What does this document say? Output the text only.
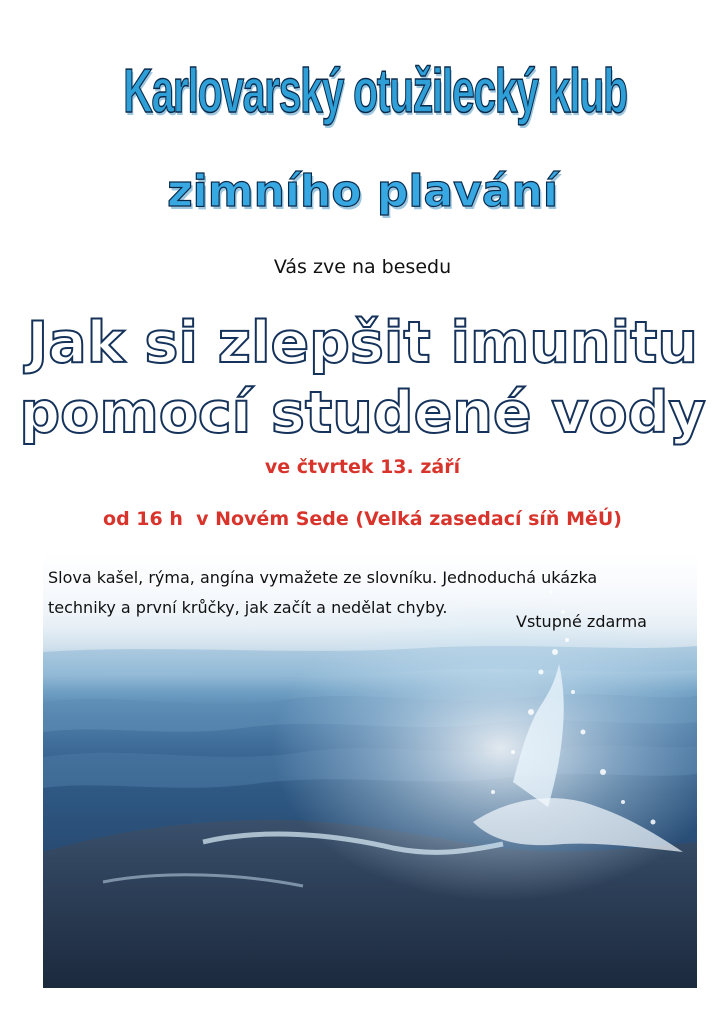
Karlovarský otužilecký klub
zimního plavání
Vás zve na besedu
Jak si zlepšit imunitu
pomocí studené vody
ve čtvrtek 13. září
od 16 h  v Novém Sede (Velká zasedací síň MěÚ)
Slova kašel, rýma, angína vymažete ze slovníku. Jednoduchá ukázka
techniky a první krůčky, jak začít a nedělat chyby.
Vstupné zdarma
